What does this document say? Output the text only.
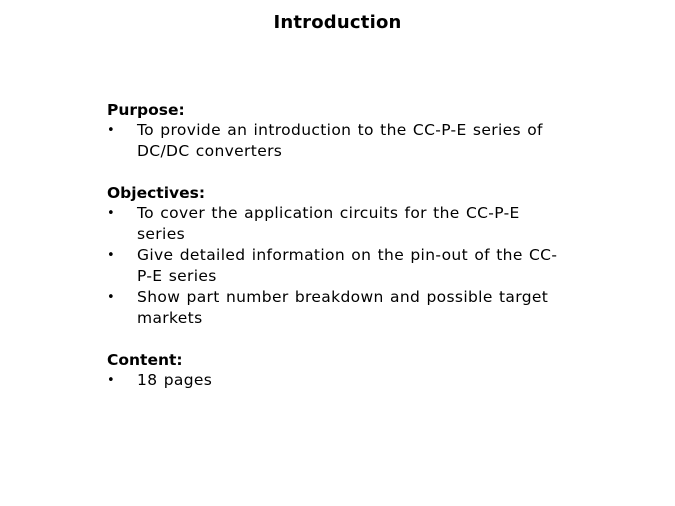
Introduction
Purpose:
• To provide an introduction to the CC-P-E series of DC/DC converters
Objectives:
• To cover the application circuits for the CC-P-E series
• Give detailed information on the pin-out of the CC-P-E series
• Show part number breakdown and possible target markets
Content:
• 18 pages
